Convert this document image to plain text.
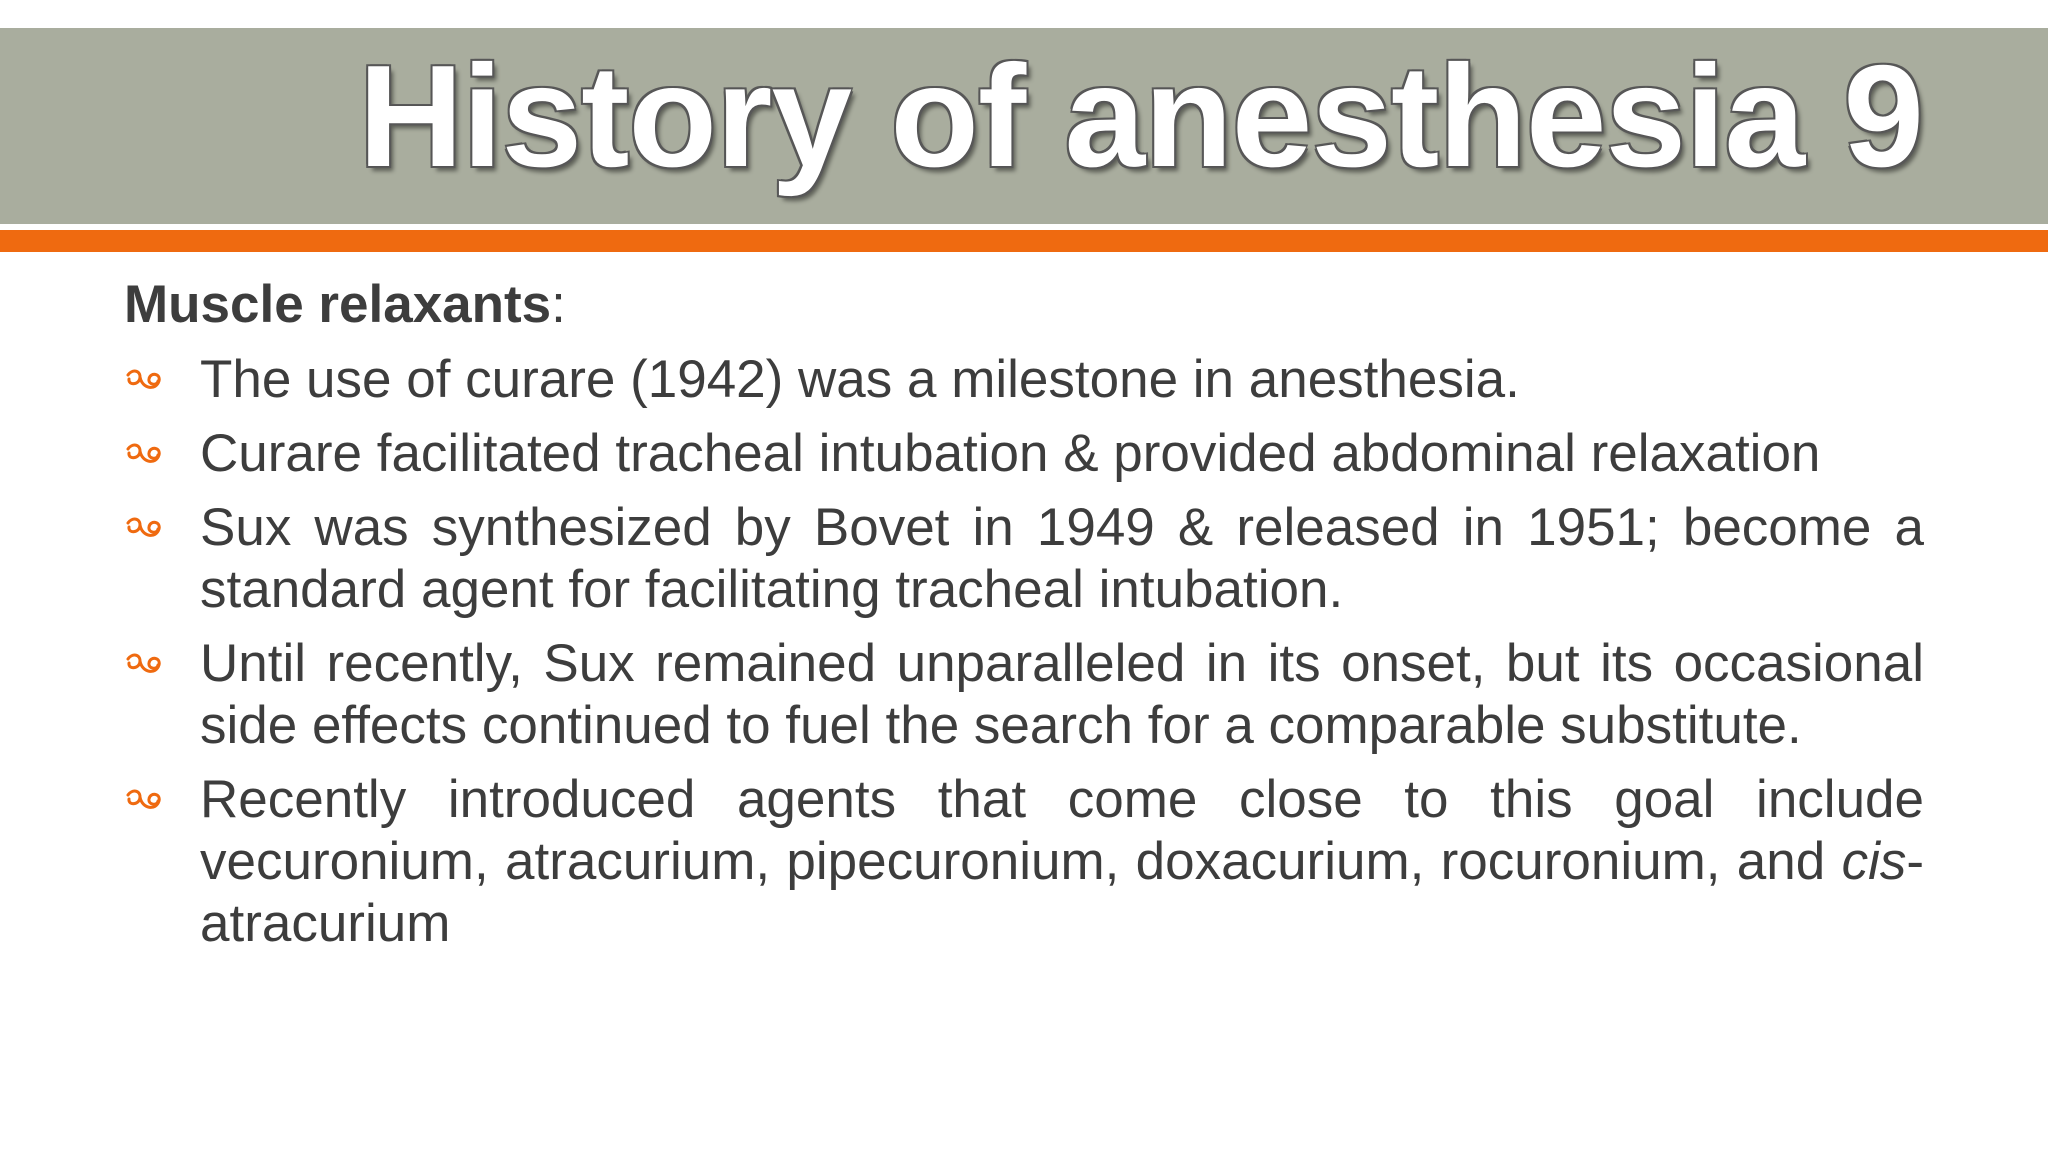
History of anesthesia 9

Muscle relaxants:

The use of curare (1942) was a milestone in anesthesia.
Curare facilitated tracheal intubation & provided abdominal relaxation
Sux was synthesized by Bovet in 1949 & released in 1951; become a standard agent for facilitating tracheal intubation.
Until recently, Sux remained unparalleled in its onset, but its occasional side effects continued to fuel the search for a comparable substitute.
Recently introduced agents that come close to this goal include vecuronium, atracurium, pipecuronium, doxacurium, rocuronium, and cis-atracurium
